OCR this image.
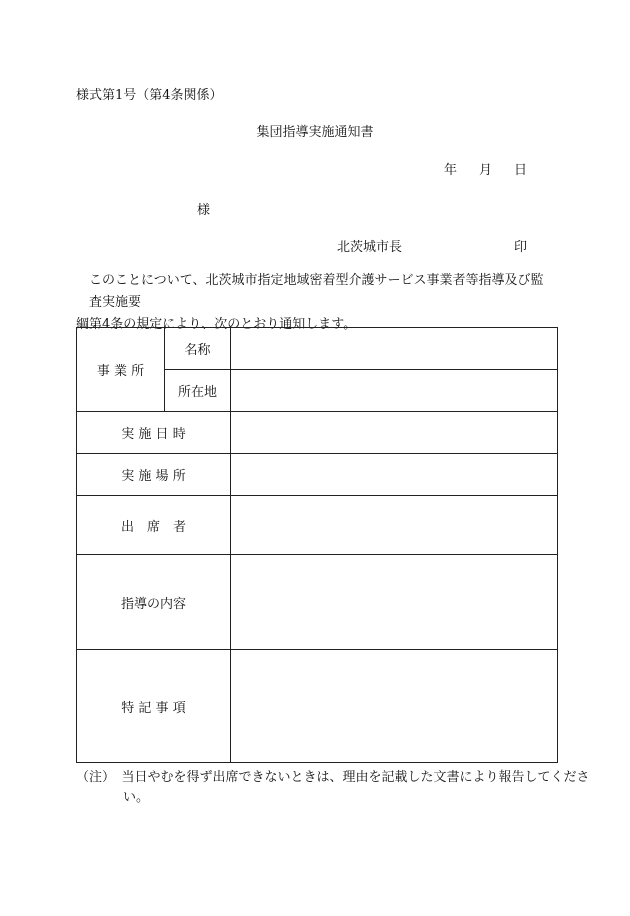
様式第1号（第4条関係）
集団指導実施通知書
年 月 日
様
北茨城市長	印
このことについて、北茨城市指定地域密着型介護サービス事業者等指導及び監査実施要
綱第4条の規定により、次のとおり通知します。
事 業 所	名称	
	所在地	
実 施 日 時		
実 施 場 所		
出　席　者		
指導の内容		
特 記 事 項		
（注）　当日やむを得ず出席できないときは、理由を記載した文書により報告してくださ
い。
